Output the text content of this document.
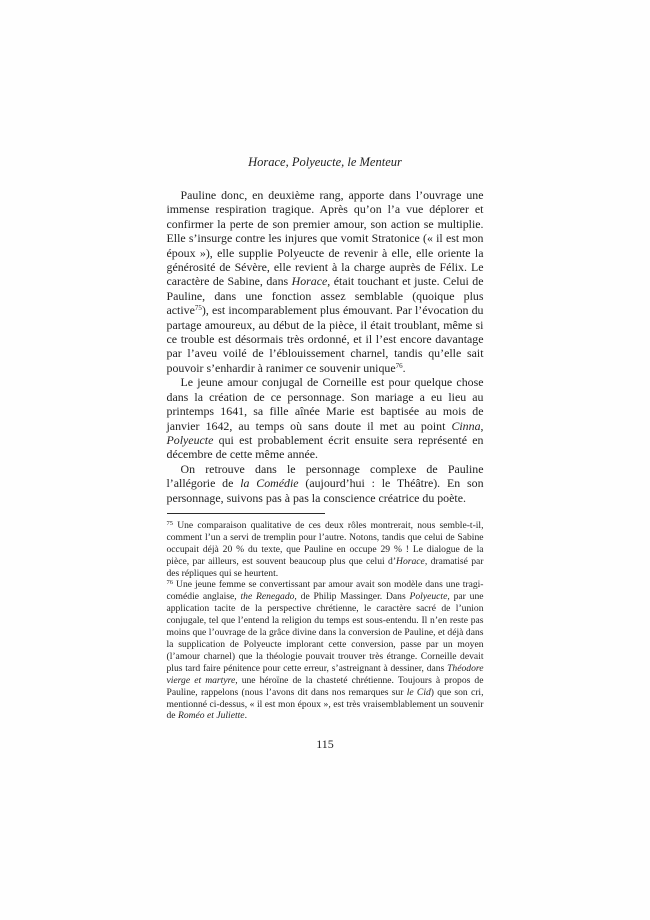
Horace, Polyeucte, le Menteur

Pauline donc, en deuxième rang, apporte dans l’ouvrage une immense respiration tragique. Après qu’on l’a vue déplorer et confirmer la perte de son premier amour, son action se multiplie. Elle s’insurge contre les injures que vomit Stratonice (« il est mon époux »), elle supplie Polyeucte de revenir à elle, elle oriente la générosité de Sévère, elle revient à la charge auprès de Félix. Le caractère de Sabine, dans Horace, était touchant et juste. Celui de Pauline, dans une fonction assez semblable (quoique plus active$^{75}$), est incomparablement plus émouvant. Par l’évocation du partage amoureux, au début de la pièce, il était troublant, même si ce trouble est désormais très ordonné, et il l’est encore davantage par l’aveu voilé de l’éblouissement charnel, tandis qu’elle sait pouvoir s’enhardir à ranimer ce souvenir unique$^{76}$.

Le jeune amour conjugal de Corneille est pour quelque chose dans la création de ce personnage. Son mariage a eu lieu au printemps 1641, sa fille aînée Marie est baptisée au mois de janvier 1642, au temps où sans doute il met au point Cinna, Polyeucte qui est probablement écrit ensuite sera représenté en décembre de cette même année.

On retrouve dans le personnage complexe de Pauline l’allégorie de la Comédie (aujourd’hui : le Théâtre). En son personnage, suivons pas à pas la conscience créatrice du poète.

$^{75}$ Une comparaison qualitative de ces deux rôles montrerait, nous semble-t-il, comment l’un a servi de tremplin pour l’autre. Notons, tandis que celui de Sabine occupait déjà 20 % du texte, que Pauline en occupe 29 % ! Le dialogue de la pièce, par ailleurs, est souvent beaucoup plus que celui d’Horace, dramatisé par des répliques qui se heurtent.

$^{76}$ Une jeune femme se convertissant par amour avait son modèle dans une tragi-comédie anglaise, the Renegado, de Philip Massinger. Dans Polyeucte, par une application tacite de la perspective chrétienne, le caractère sacré de l’union conjugale, tel que l’entend la religion du temps est sous-entendu. Il n’en reste pas moins que l’ouvrage de la grâce divine dans la conversion de Pauline, et déjà dans la supplication de Polyeucte implorant cette conversion, passe par un moyen (l’amour charnel) que la théologie pouvait trouver très étrange. Corneille devait plus tard faire pénitence pour cette erreur, s’astreignant à dessiner, dans Théodore vierge et martyre, une héroïne de la chasteté chrétienne. Toujours à propos de Pauline, rappelons (nous l’avons dit dans nos remarques sur le Cid) que son cri, mentionné ci-dessus, « il est mon époux », est très vraisemblablement un souvenir de Roméo et Juliette.

115
